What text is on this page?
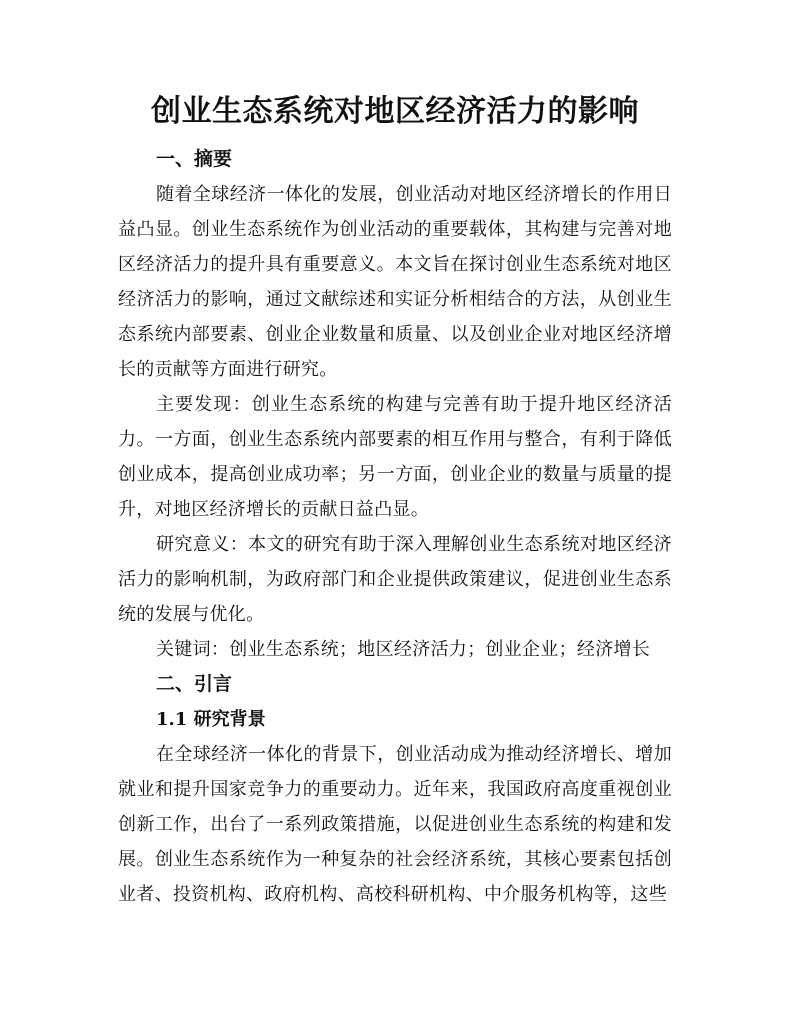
创业生态系统对地区经济活力的影响
一、摘要

随着全球经济一体化的发展，创业活动对地区经济增长的作用日益凸显。创业生态系统作为创业活动的重要载体，其构建与完善对地区经济活力的提升具有重要意义。本文旨在探讨创业生态系统对地区经济活力的影响，通过文献综述和实证分析相结合的方法，从创业生态系统内部要素、创业企业数量和质量、以及创业企业对地区经济增长的贡献等方面进行研究。

主要发现：创业生态系统的构建与完善有助于提升地区经济活力。一方面，创业生态系统内部要素的相互作用与整合，有利于降低创业成本，提高创业成功率；另一方面，创业企业的数量与质量的提升，对地区经济增长的贡献日益凸显。

研究意义：本文的研究有助于深入理解创业生态系统对地区经济活力的影响机制，为政府部门和企业提供政策建议，促进创业生态系统的发展与优化。

关键词：创业生态系统；地区经济活力；创业企业；经济增长

二、引言
1.1 研究背景

在全球经济一体化的背景下，创业活动成为推动经济增长、增加就业和提升国家竞争力的重要动力。近年来，我国政府高度重视创业创新工作，出台了一系列政策措施，以促进创业生态系统的构建和发展。创业生态系统作为一种复杂的社会经济系统，其核心要素包括创业者、投资机构、政府机构、高校科研机构、中介服务机构等，这些
